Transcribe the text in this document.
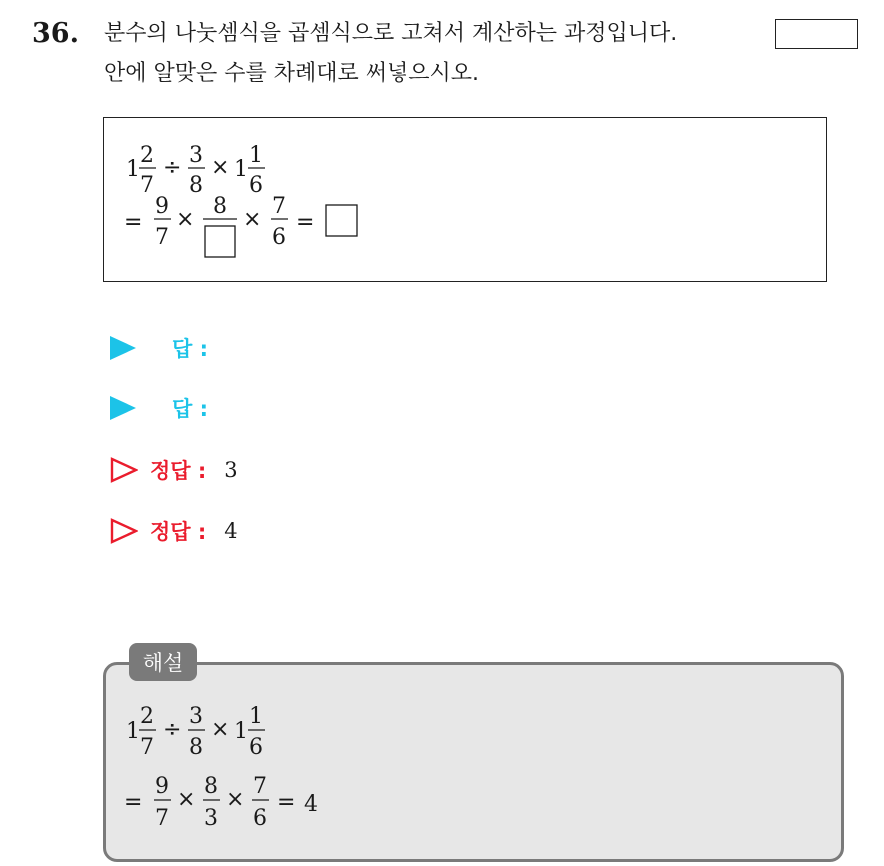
36. 분수의 나눗셈식을 곱셈식으로 고쳐서 계산하는 과정입니다.
안에 알맞은 수를 차례대로 써넣으시오.
1
2
7
÷ 3
8
× 1
1
6
=
9
7
×
8
×
7
6
=
답 :
답 :
정답 : 3
정답 : 4
해설
1
2
7
÷
3
8
× 1
1
6
=
9
7
×
8
3
×
7
6
= 4
